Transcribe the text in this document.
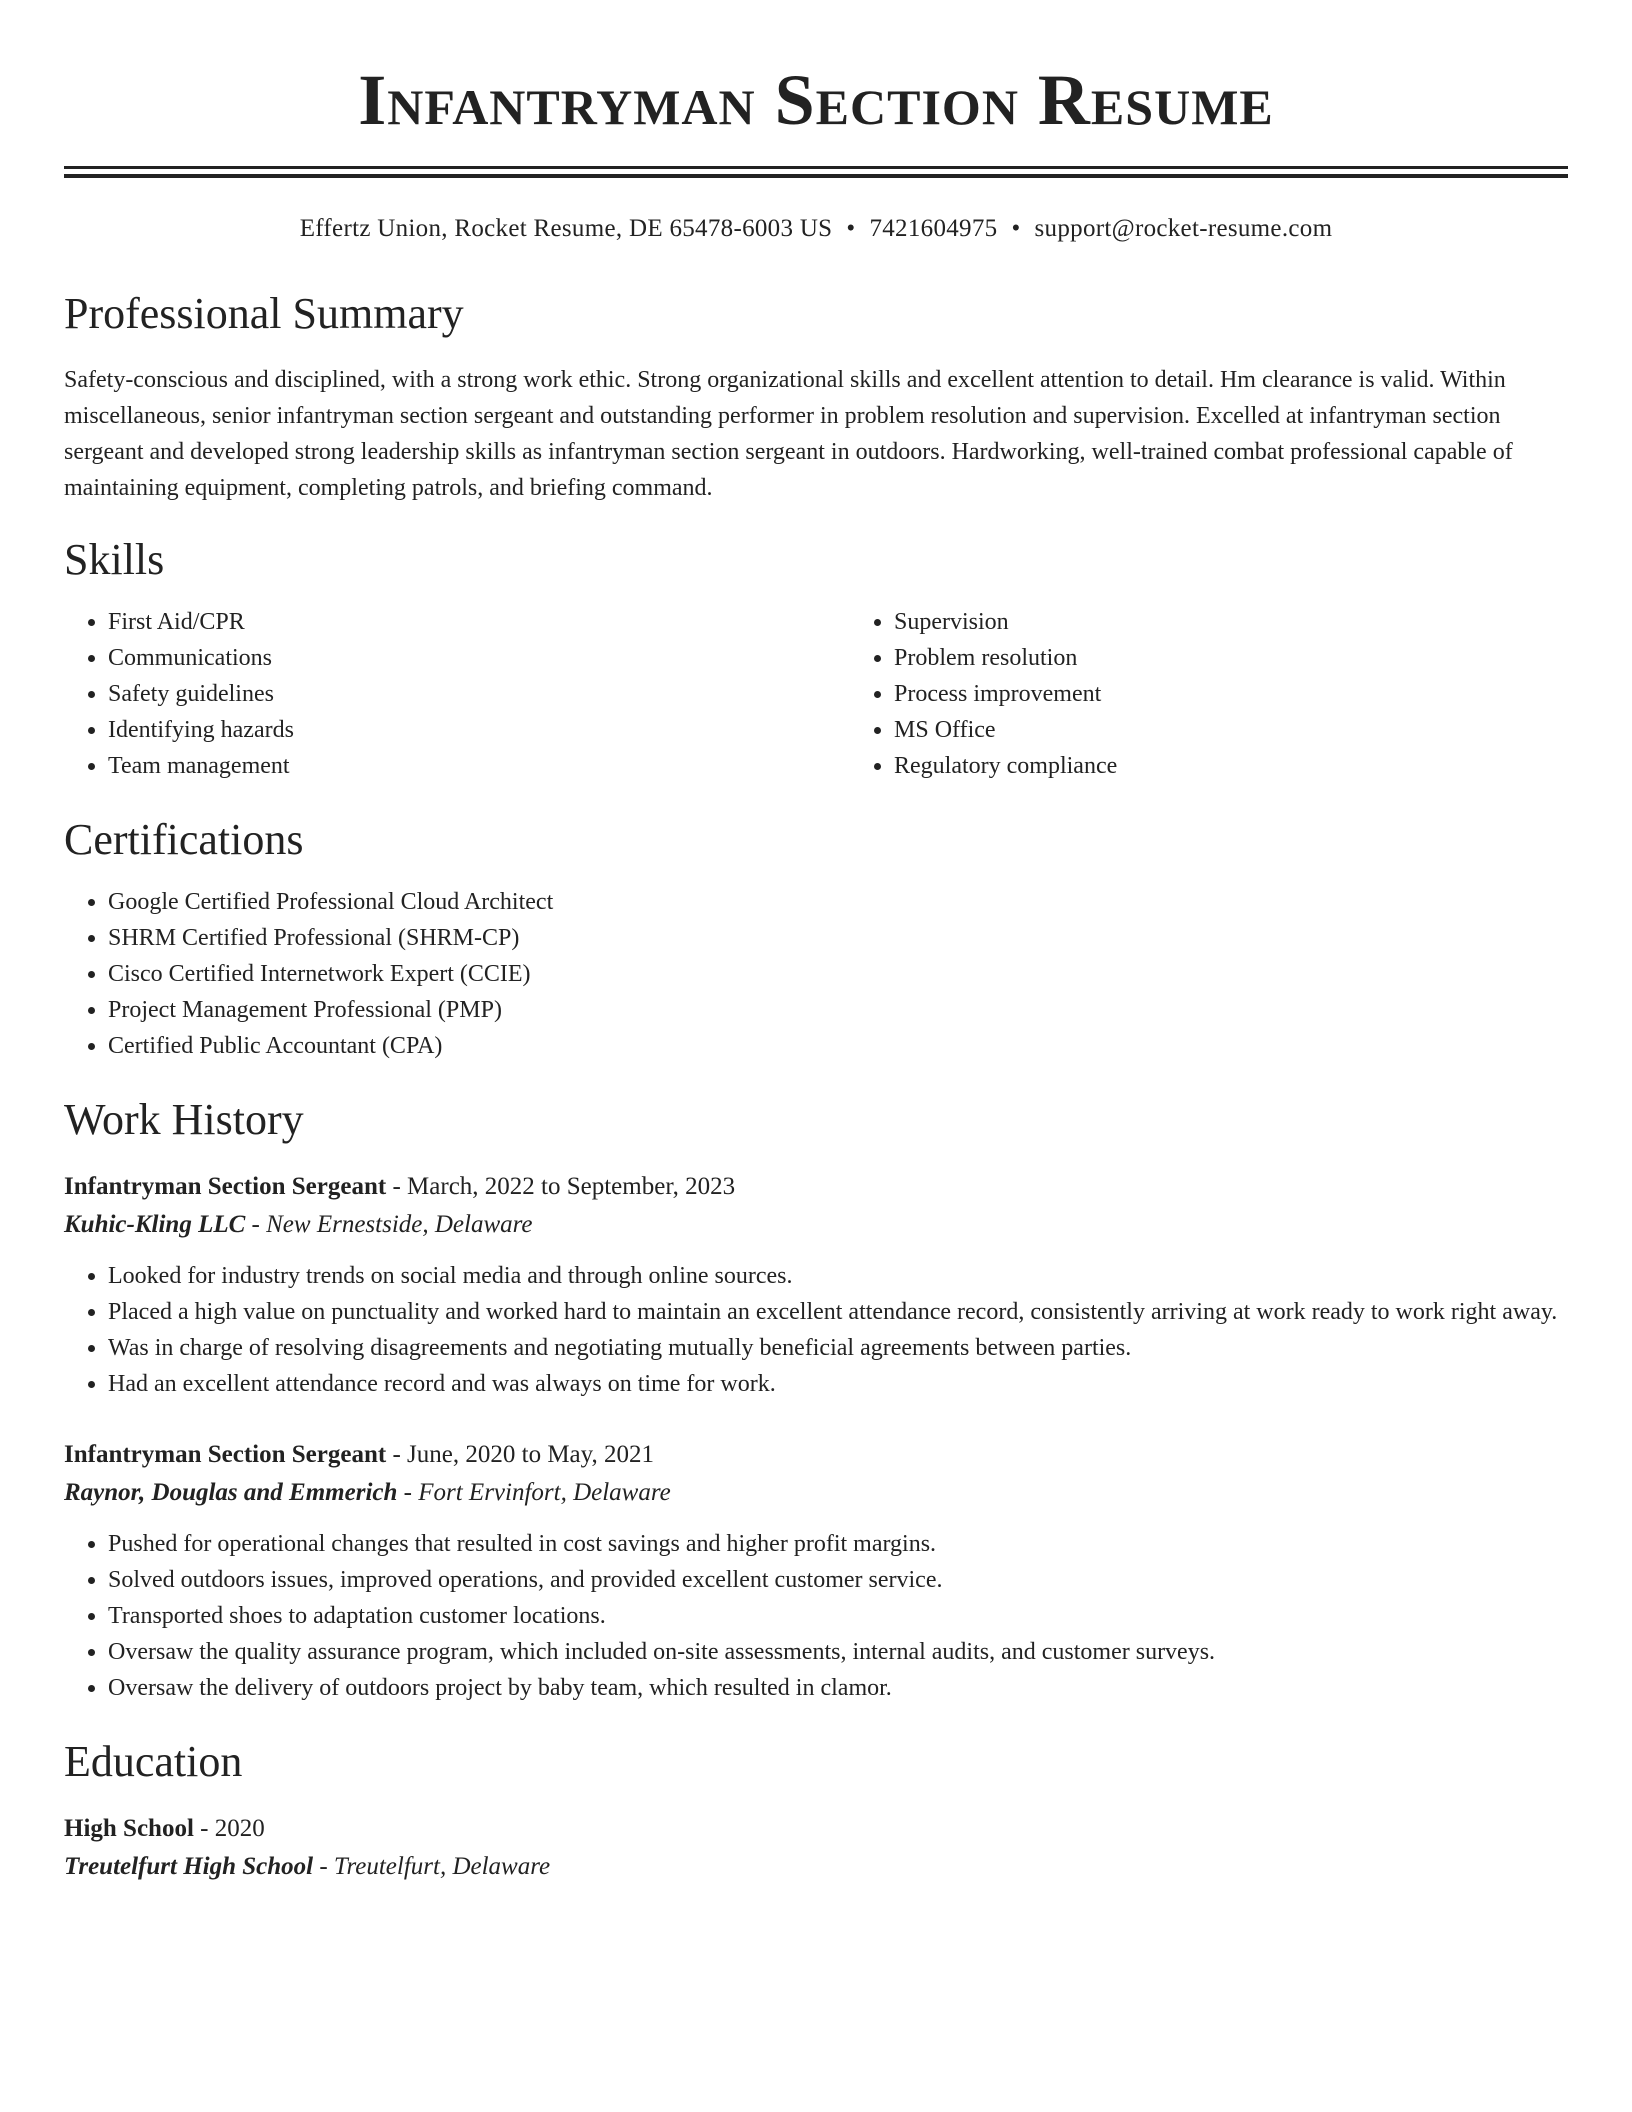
Infantryman Section Resume
Effertz Union, Rocket Resume, DE 65478-6003 US • 7421604975 • support@rocket-resume.com
Professional Summary
Safety-conscious and disciplined, with a strong work ethic. Strong organizational skills and excellent attention to detail. Hm clearance is valid. Within miscellaneous, senior infantryman section sergeant and outstanding performer in problem resolution and supervision. Excelled at infantryman section sergeant and developed strong leadership skills as infantryman section sergeant in outdoors. Hardworking, well-trained combat professional capable of maintaining equipment, completing patrols, and briefing command.
Skills
• First Aid/CPR
• Communications
• Safety guidelines
• Identifying hazards
• Team management
• Supervision
• Problem resolution
• Process improvement
• MS Office
• Regulatory compliance
Certifications
• Google Certified Professional Cloud Architect
• SHRM Certified Professional (SHRM-CP)
• Cisco Certified Internetwork Expert (CCIE)
• Project Management Professional (PMP)
• Certified Public Accountant (CPA)
Work History
Infantryman Section Sergeant - March, 2022 to September, 2023
Kuhic-Kling LLC - New Ernestside, Delaware
• Looked for industry trends on social media and through online sources.
• Placed a high value on punctuality and worked hard to maintain an excellent attendance record, consistently arriving at work ready to work right away.
• Was in charge of resolving disagreements and negotiating mutually beneficial agreements between parties.
• Had an excellent attendance record and was always on time for work.
Infantryman Section Sergeant - June, 2020 to May, 2021
Raynor, Douglas and Emmerich - Fort Ervinfort, Delaware
• Pushed for operational changes that resulted in cost savings and higher profit margins.
• Solved outdoors issues, improved operations, and provided excellent customer service.
• Transported shoes to adaptation customer locations.
• Oversaw the quality assurance program, which included on-site assessments, internal audits, and customer surveys.
• Oversaw the delivery of outdoors project by baby team, which resulted in clamor.
Education
High School - 2020
Treutelfurt High School - Treutelfurt, Delaware
